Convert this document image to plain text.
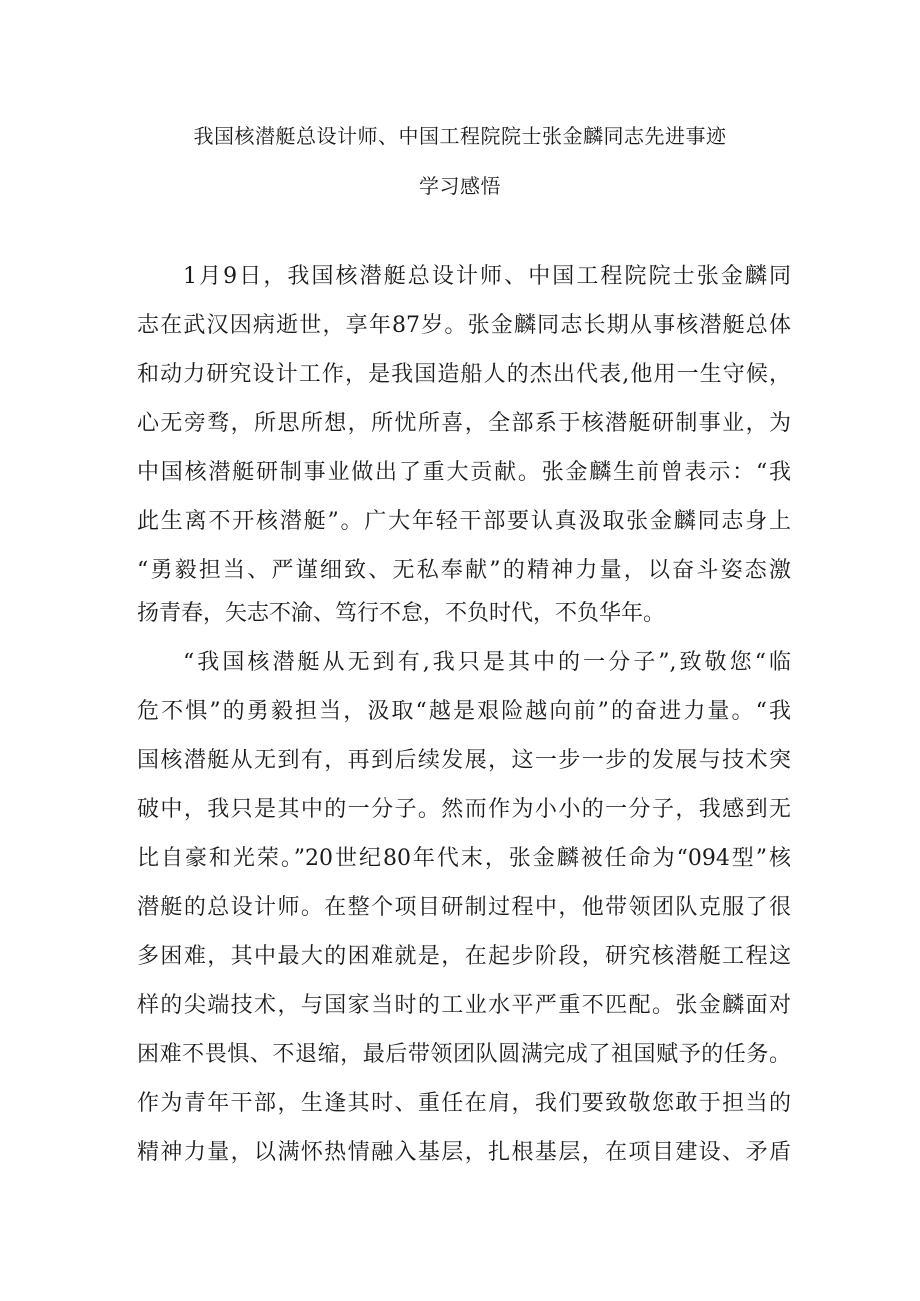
我国核潜艇总设计师、中国工程院院士张金麟同志先进事迹
学习感悟

1月9日，我国核潜艇总设计师、中国工程院院士张金麟同

志在武汉因病逝世，享年87岁。张金麟同志长期从事核潜艇总体

和动力研究设计工作，是我国造船人的杰出代表,他用一生守候，

心无旁骛，所思所想，所忧所喜，全部系于核潜艇研制事业，为

中国核潜艇研制事业做出了重大贡献。张金麟生前曾表示：“我

此生离不开核潜艇”。广大年轻干部要认真汲取张金麟同志身上

“勇毅担当、严谨细致、无私奉献”的精神力量，以奋斗姿态激

扬青春，矢志不渝、笃行不怠，不负时代，不负华年。

“我国核潜艇从无到有,我只是其中的一分子”,致敬您“临

危不惧”的勇毅担当，汲取“越是艰险越向前”的奋进力量。“我

国核潜艇从无到有，再到后续发展，这一步一步的发展与技术突

破中，我只是其中的一分子。然而作为小小的一分子，我感到无

比自豪和光荣。”20世纪80年代末，张金麟被任命为“094型”核

潜艇的总设计师。在整个项目研制过程中，他带领团队克服了很

多困难，其中最大的困难就是，在起步阶段，研究核潜艇工程这

样的尖端技术，与国家当时的工业水平严重不匹配。张金麟面对

困难不畏惧、不退缩，最后带领团队圆满完成了祖国赋予的任务。

作为青年干部，生逢其时、重任在肩，我们要致敬您敢于担当的

精神力量，以满怀热情融入基层，扎根基层，在项目建设、矛盾
